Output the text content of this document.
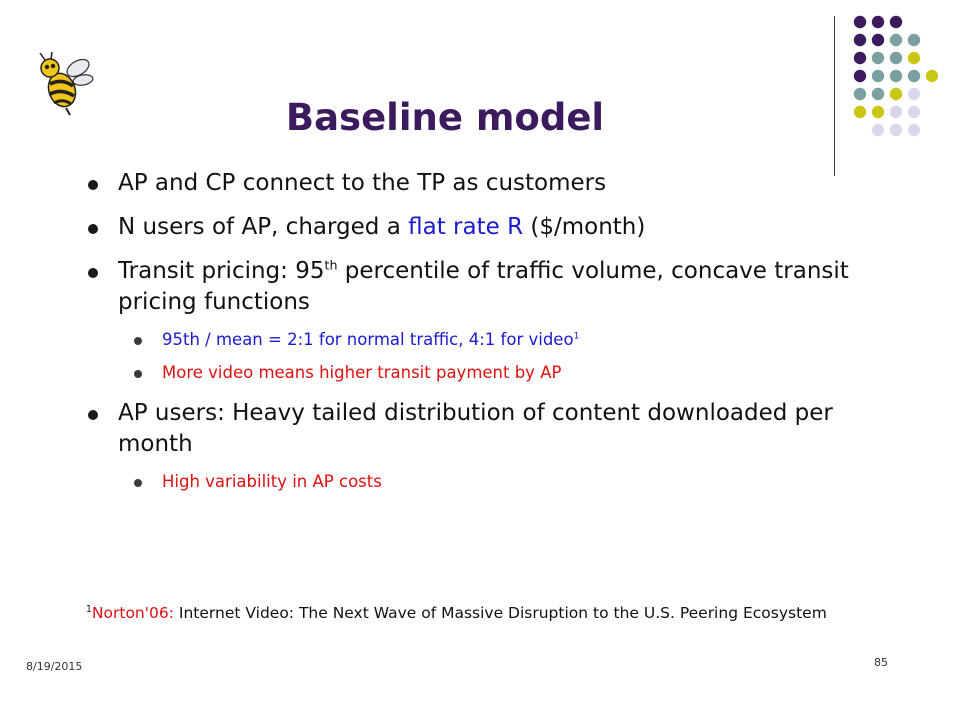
Baseline model
AP and CP connect to the TP as customers
N users of AP, charged a flat rate R ($/month)
Transit pricing: 95th percentile of traffic volume, concave transit pricing functions
95th / mean = 2:1 for normal traffic, 4:1 for video$^1$
More video means higher transit payment by AP
AP users: Heavy tailed distribution of content downloaded per month
High variability in AP costs
$^1$Norton'06: Internet Video: The Next Wave of Massive Disruption to the U.S. Peering Ecosystem
8/19/2015	85
